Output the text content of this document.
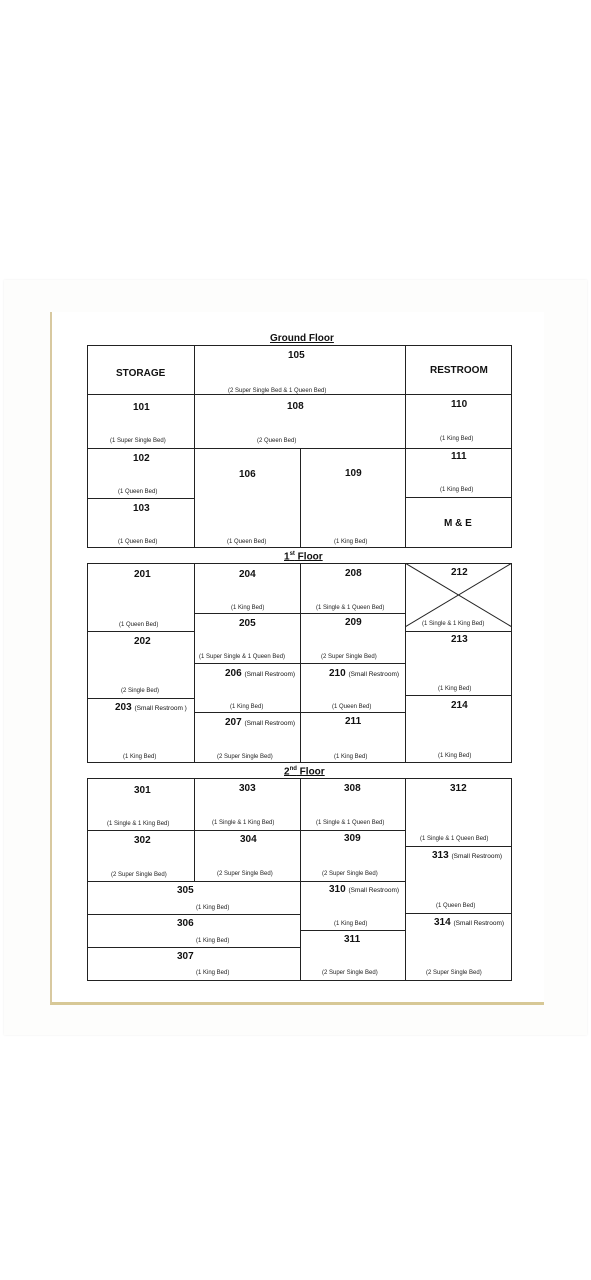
Ground Floor
STORAGE
105
(2 Super Single Bed & 1 Queen Bed)
RESTROOM
101
(1 Super Single Bed)
108
(2 Queen Bed)
110
(1 King Bed)
102
(1 Queen Bed)
103
(1 Queen Bed)
106
(1 Queen Bed)
109
(1 King Bed)
111
(1 King Bed)
M & E
1st Floor
201
(1 Queen Bed)
204
(1 King Bed)
208
(1 Single & 1 Queen Bed)
212
(1 Single & 1 King Bed)
205
(1 Super Single & 1 Queen Bed)
209
(2 Super Single Bed)
202
(2 Single Bed)
213
(1 King Bed)
206 (Small Restroom)
(1 King Bed)
210 (Small Restroom)
(1 Queen Bed)
203 (Small Restroom )
(1 King Bed)
214
(1 King Bed)
207 (Small Restroom)
(2 Super Single Bed)
211
(1 King Bed)
2nd Floor
301
(1 Single & 1 King Bed)
303
(1 Single & 1 King Bed)
308
(1 Single & 1 Queen Bed)
312
(1 Single & 1 Queen Bed)
302
(2 Super Single Bed)
304
(2 Super Single Bed)
309
(2 Super Single Bed)
313 (Small Restroom)
(1 Queen Bed)
305
(1 King Bed)
310 (Small Restroom)
(1 King Bed)
306
(1 King Bed)
314 (Small Restroom)
(2 Super Single Bed)
311
(2 Super Single Bed)
307
(1 King Bed)
